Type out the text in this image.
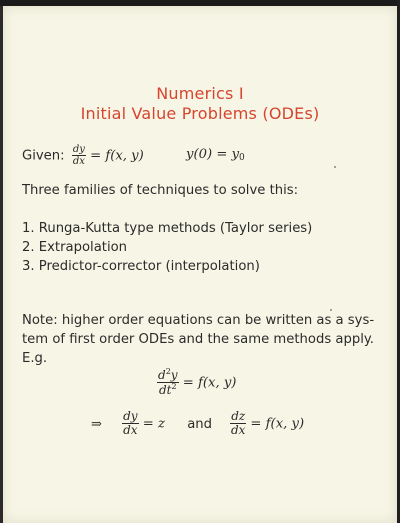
Numerics I
Initial Value Problems (ODEs)
Given: $\frac{dy}{dx} = f(x$, y)	y(0) = y0
Three families of techniques to solve this:
1. Runga-Kutta type methods (Taylor series)
2. Extrapolation
3. Predictor-corrector (interpolation)
Note: higher order equations can be written as a sys-
tem of first order ODEs and the same methods apply.
E.g.
$\frac{d^2y}{dt^2} = f(x$, y)
⇒ $\frac{dy}{dx} = z$ and $\frac{dz}{dx} = f(x$, y)
